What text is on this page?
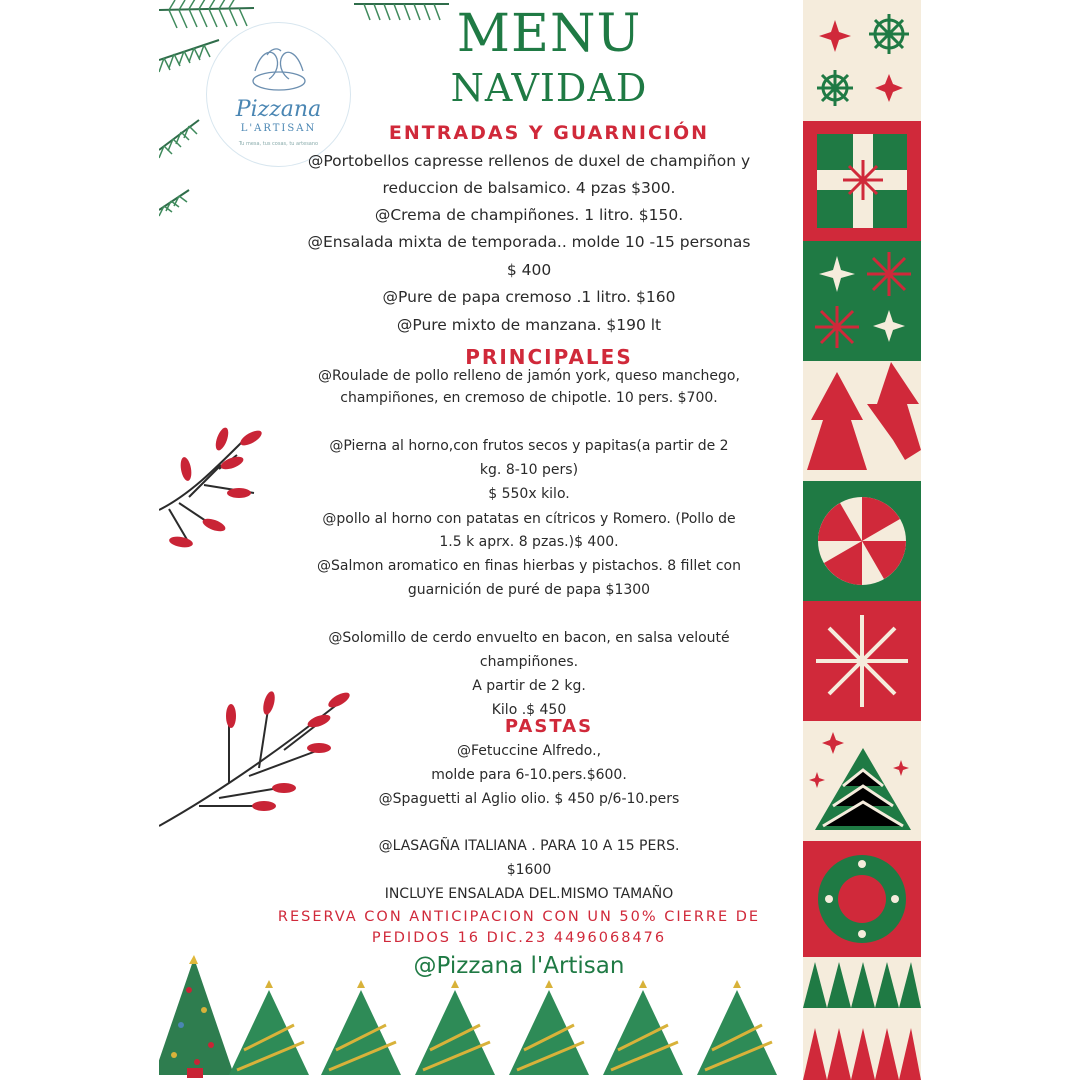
Pizzana
L'ARTISAN
Tu mesa, tus cosas, tu artesano
MENU
NAVIDAD
ENTRADAS Y GUARNICIÓN
@Portobellos capresse rellenos de duxel de champiñon y
reduccion de balsamico. 4 pzas $300.
@Crema de champiñones. 1 litro. $150.
@Ensalada mixta de temporada.. molde 10 -15 personas
$ 400
@Pure de papa cremoso .1 litro. $160
@Pure mixto de manzana. $190 lt
PRINCIPALES
@Roulade de pollo relleno de jamón york, queso manchego,
champiñones, en cremoso de chipotle. 10 pers. $700.
@Pierna al horno,con frutos secos y papitas(a partir de 2
kg. 8-10 pers)
$ 550x kilo.
@pollo al horno con patatas en cítricos y Romero. (Pollo de
1.5 k aprx. 8 pzas.)$ 400.
@Salmon aromatico en finas hierbas y pistachos. 8 fillet con
guarnición de puré de papa $1300
@Solomillo de cerdo envuelto en bacon, en salsa velouté
champiñones.
A partir de 2 kg.
Kilo .$ 450
PASTAS
@Fetuccine Alfredo.,
molde para 6-10.pers.$600.
@Spaguetti al Aglio olio. $ 450 p/6-10.pers
@LASAGÑA ITALIANA . PARA 10 A 15 PERS.
$1600
INCLUYE ENSALADA DEL.MISMO TAMAÑO
RESERVA CON ANTICIPACION CON UN 50% CIERRE DE
PEDIDOS 16 DIC.23 4496068476
@Pizzana l'Artisan
